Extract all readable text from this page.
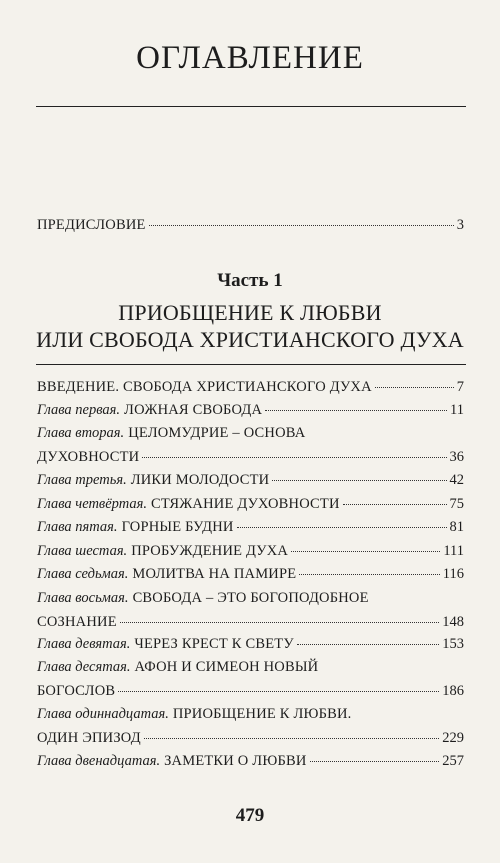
ОГЛАВЛЕНИЕ
ПРЕДИСЛОВИЕ	3
Часть 1
ПРИОБЩЕНИЕ К ЛЮБВИ
ИЛИ СВОБОДА ХРИСТИАНСКОГО ДУХА
ВВЕДЕНИЕ. СВОБОДА ХРИСТИАНСКОГО ДУХА	7
Глава первая. ЛОЖНАЯ СВОБОДА	11
Глава вторая. ЦЕЛОМУДРИЕ – ОСНОВА
ДУХОВНОСТИ	36
Глава третья. ЛИКИ МОЛОДОСТИ	42
Глава четвёртая. СТЯЖАНИЕ ДУХОВНОСТИ	75
Глава пятая. ГОРНЫЕ БУДНИ	81
Глава шестая. ПРОБУЖДЕНИЕ ДУХА	111
Глава седьмая. МОЛИТВА НА ПАМИРЕ	116
Глава восьмая. СВОБОДА – ЭТО БОГОПОДОБНОЕ
СОЗНАНИЕ	148
Глава девятая. ЧЕРЕЗ КРЕСТ К СВЕТУ	153
Глава десятая. АФОН И СИМЕОН НОВЫЙ
БОГОСЛОВ	186
Глава одиннадцатая. ПРИОБЩЕНИЕ К ЛЮБВИ.
ОДИН ЭПИЗОД	229
Глава двенадцатая. ЗАМЕТКИ О ЛЮБВИ	257
479
